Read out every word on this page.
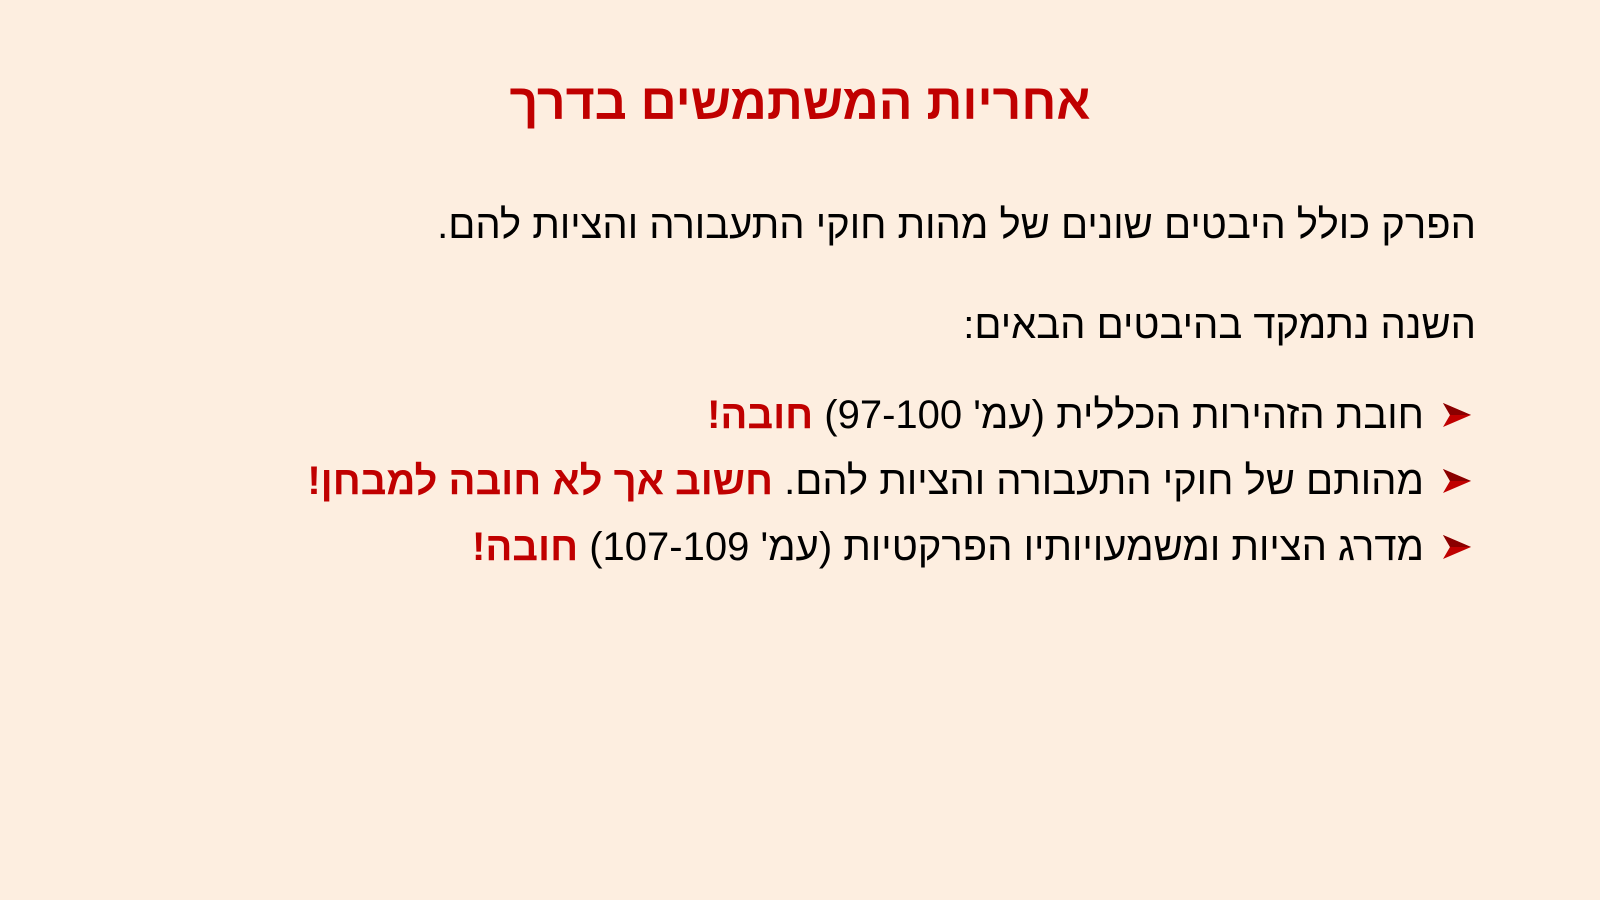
אחריות המשתמשים בדרך

הפרק כולל היבטים שונים של מהות חוקי התעבורה והציות להם.

השנה נתמקד בהיבטים הבאים:

חובת הזהירות הכללית (עמ' 97-100) חובה!
מהותם של חוקי התעבורה והציות להם. חשוב אך לא חובה למבחן!
מדרג הציות ומשמעויותיו הפרקטיות (עמ' 107-109) חובה!
